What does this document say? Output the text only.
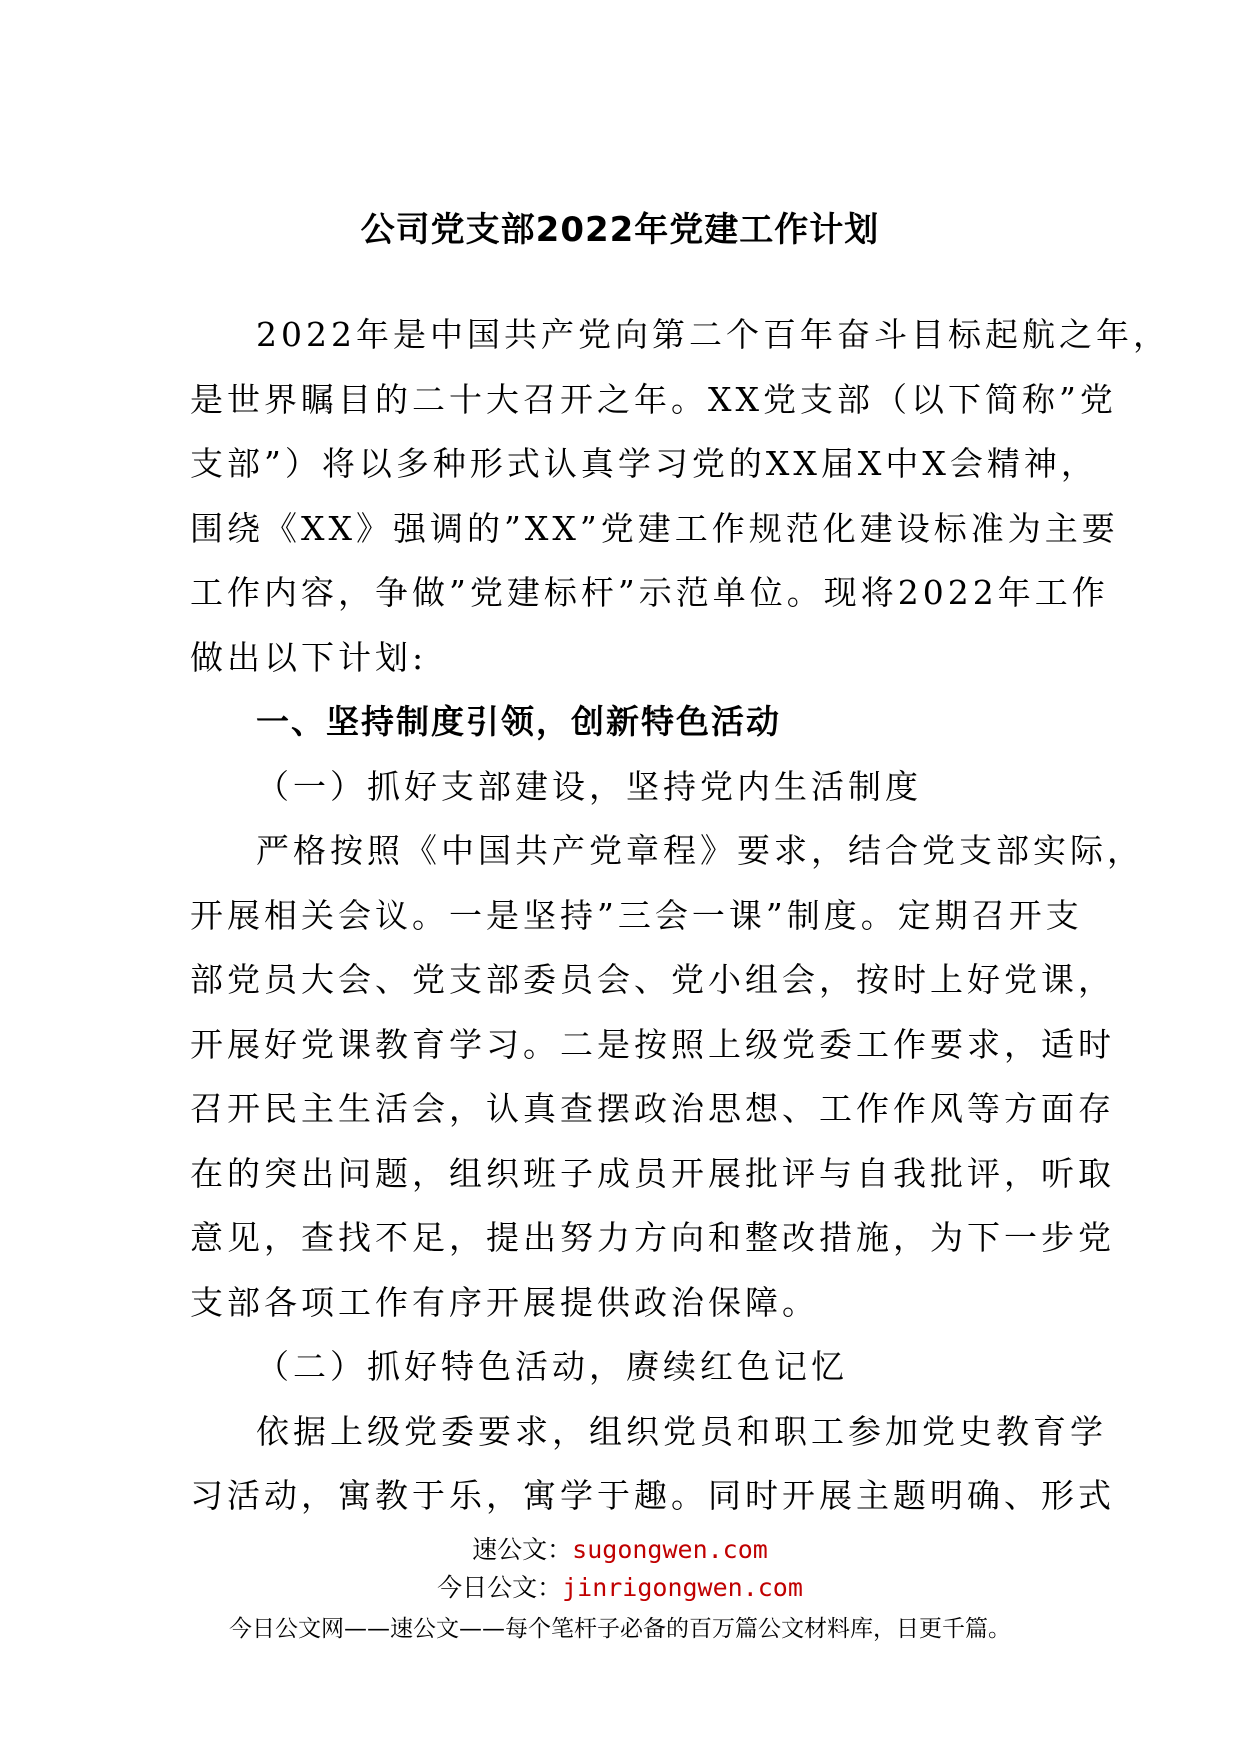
公司党支部2022年党建工作计划
2022年是中国共产党向第二个百年奋斗目标起航之年，
是世界瞩目的二十大召开之年。XX党支部（以下简称”党
支部”）将以多种形式认真学习党的XX届X中X会精神，
围绕《XX》强调的”XX”党建工作规范化建设标准为主要
工作内容，争做”党建标杆”示范单位。现将2022年工作
做出以下计划:
一、坚持制度引领，创新特色活动
（一）抓好支部建设，坚持党内生活制度
严格按照《中国共产党章程》要求，结合党支部实际，
开展相关会议。一是坚持”三会一课”制度。定期召开支
部党员大会、党支部委员会、党小组会，按时上好党课，
开展好党课教育学习。二是按照上级党委工作要求，适时
召开民主生活会，认真查摆政治思想、工作作风等方面存
在的突出问题，组织班子成员开展批评与自我批评，听取
意见，查找不足，提出努力方向和整改措施，为下一步党
支部各项工作有序开展提供政治保障。
（二）抓好特色活动，赓续红色记忆
依据上级党委要求，组织党员和职工参加党史教育学
习活动，寓教于乐，寓学于趣。同时开展主题明确、形式
速公文：sugongwen.com
今日公文：jinrigongwen.com
今日公文网——速公文——每个笔杆子必备的百万篇公文材料库，日更千篇。
